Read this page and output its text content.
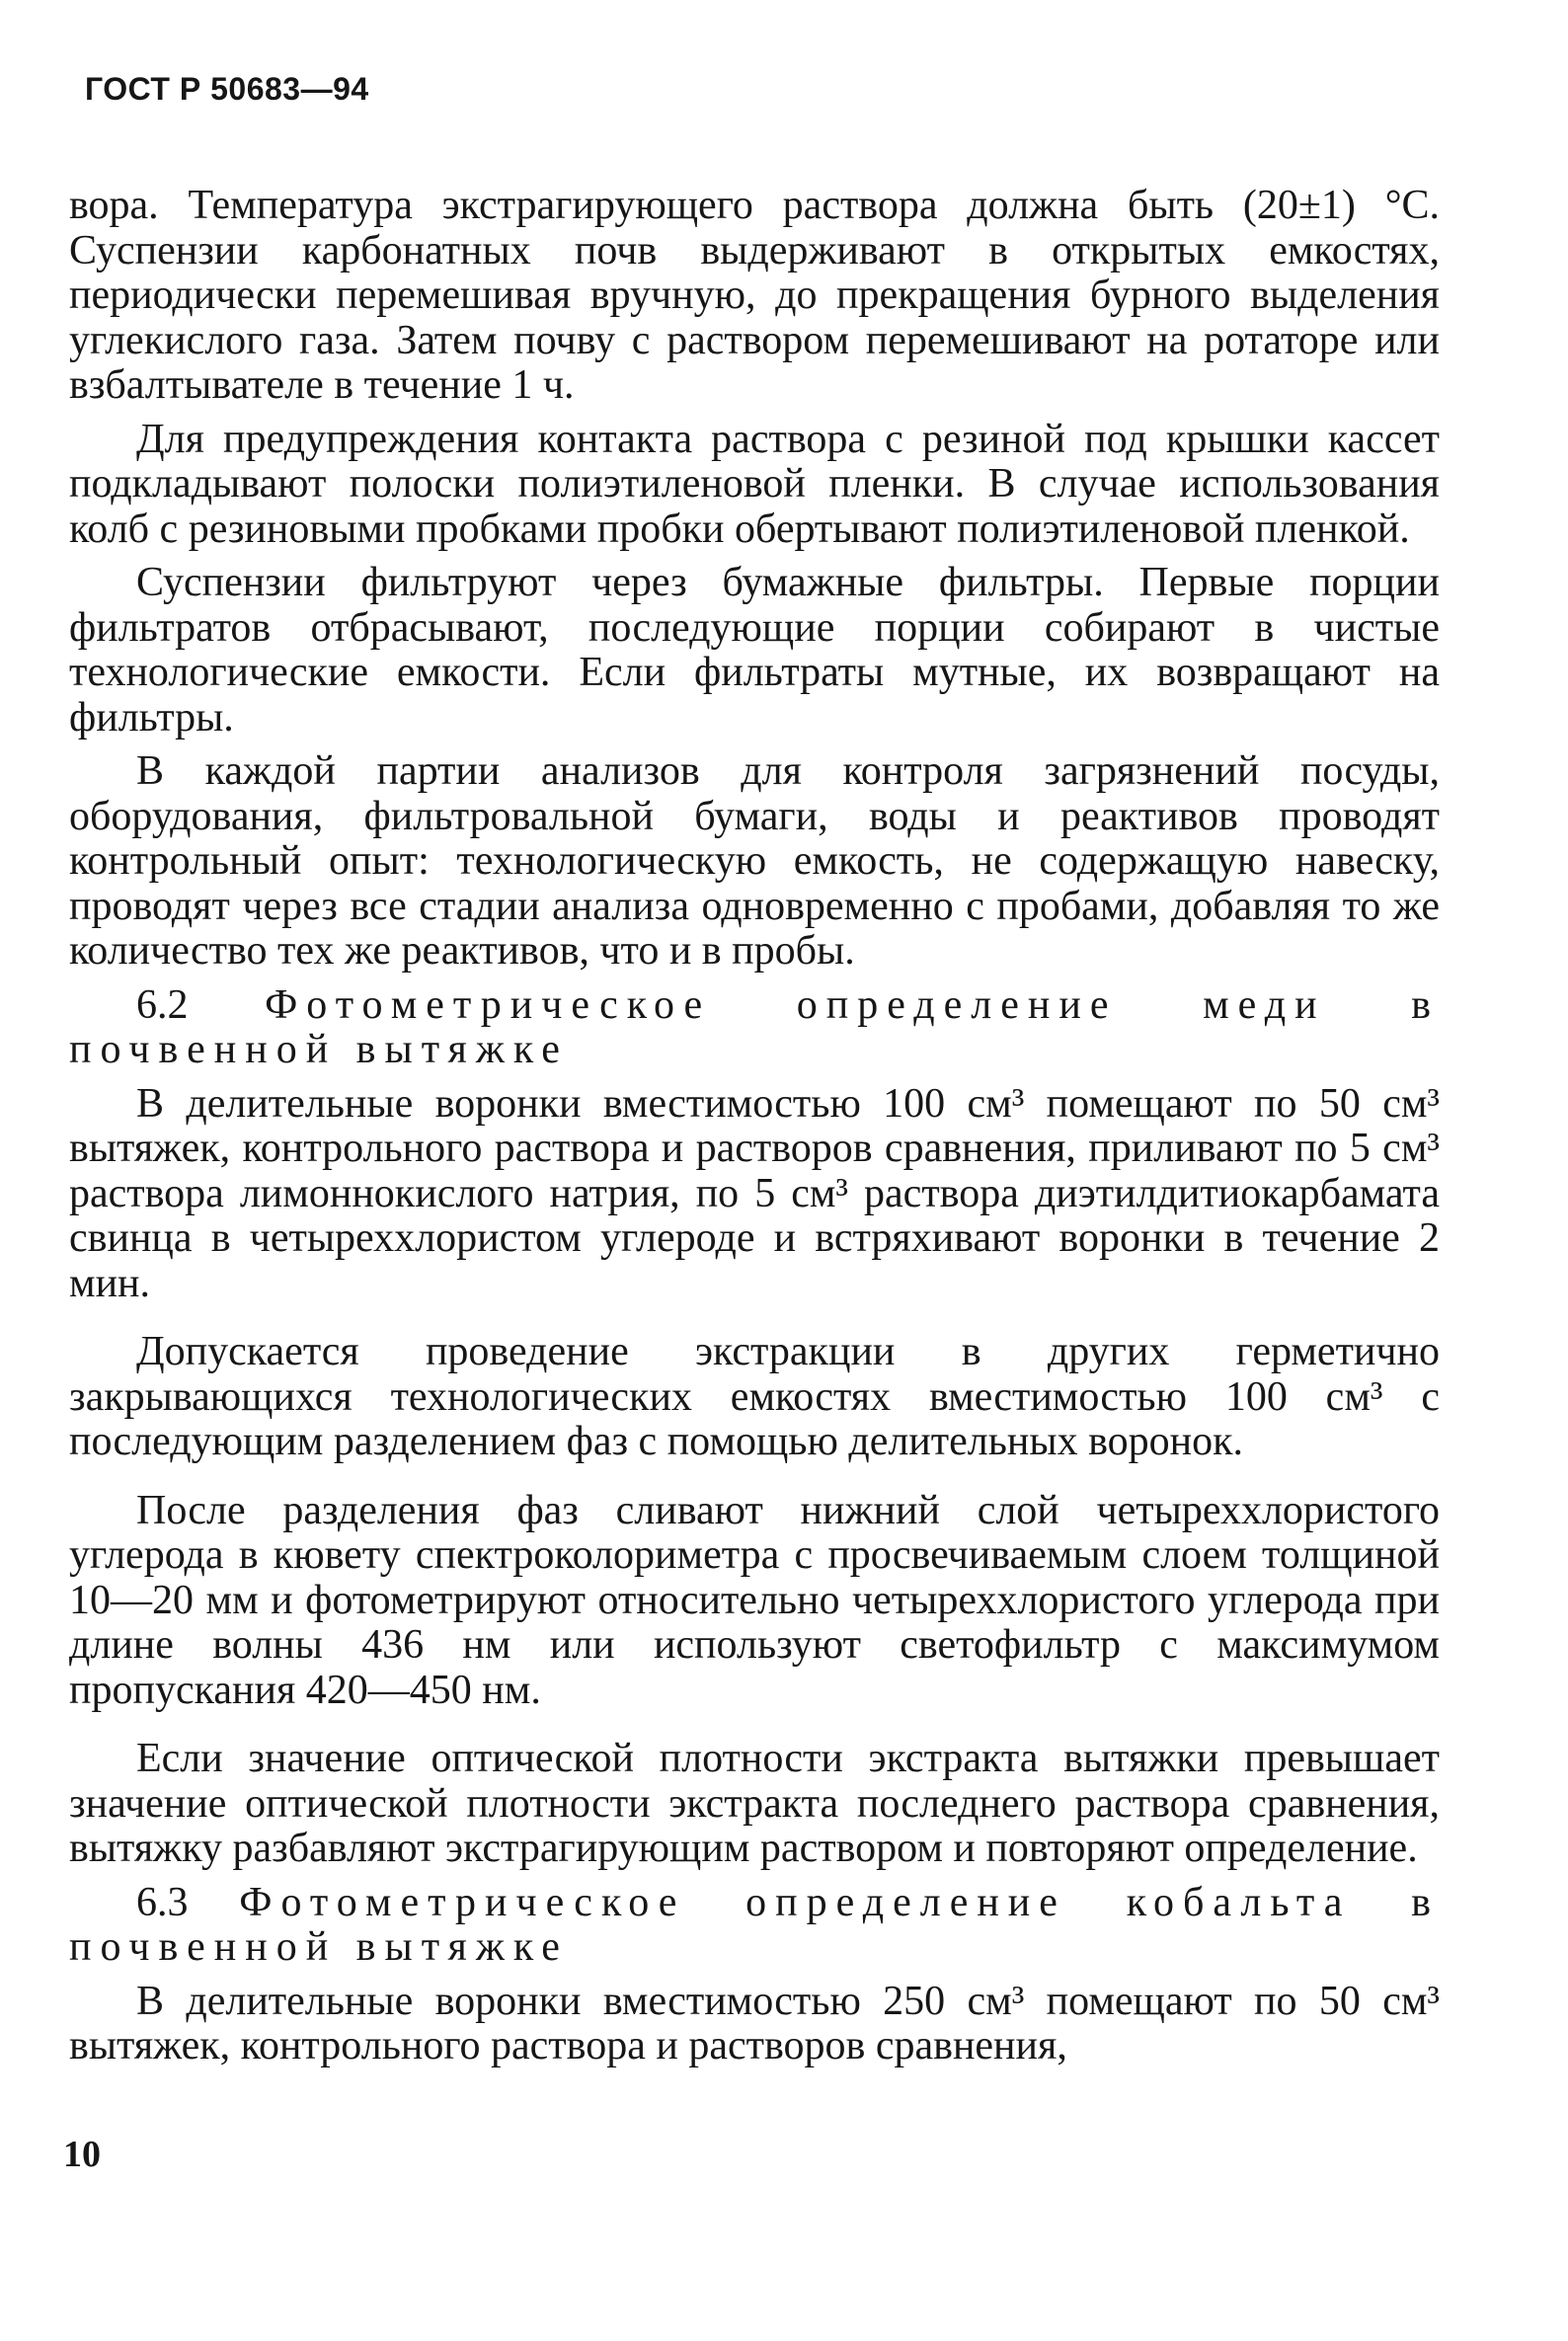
ГОСТ Р 50683—94

вора. Температура экстрагирующего раствора должна быть (20±1) °С. Суспензии карбонатных почв выдерживают в открытых емкостях, периодически перемешивая вручную, до прекращения бурного выделения углекислого газа. Затем почву с раствором перемешивают на ротаторе или взбалтывателе в течение 1 ч.

Для предупреждения контакта раствора с резиной под крышки кассет подкладывают полоски полиэтиленовой пленки. В случае использования колб с резиновыми пробками пробки обертывают полиэтиленовой пленкой.

Суспензии фильтруют через бумажные фильтры. Первые порции фильтратов отбрасывают, последующие порции собирают в чистые технологические емкости. Если фильтраты мутные, их возвращают на фильтры.

В каждой партии анализов для контроля загрязнений посуды, оборудования, фильтровальной бумаги, воды и реактивов проводят контрольный опыт: технологическую емкость, не содержащую навеску, проводят через все стадии анализа одновременно с пробами, добавляя то же количество тех же реактивов, что и в пробы.

6.2 Фотометрическое определение меди в почвенной вытяжке

В делительные воронки вместимостью 100 см³ помещают по 50 см³ вытяжек, контрольного раствора и растворов сравнения, приливают по 5 см³ раствора лимоннокислого натрия, по 5 см³ раствора диэтилдитиокарбамата свинца в четыреххлористом углероде и встряхивают воронки в течение 2 мин.

Допускается проведение экстракции в других герметично закрывающихся технологических емкостях вместимостью 100 см³ с последующим разделением фаз с помощью делительных воронок.

После разделения фаз сливают нижний слой четыреххлористого углерода в кювету спектроколориметра с просвечиваемым слоем толщиной 10—20 мм и фотометрируют относительно четыреххлористого углерода при длине волны 436 нм или используют светофильтр с максимумом пропускания 420—450 нм.

Если значение оптической плотности экстракта вытяжки превышает значение оптической плотности экстракта последнего раствора сравнения, вытяжку разбавляют экстрагирующим раствором и повторяют определение.

6.3 Фотометрическое определение кобальта в почвенной вытяжке

В делительные воронки вместимостью 250 см³ помещают по 50 см³ вытяжек, контрольного раствора и растворов сравнения,

10
